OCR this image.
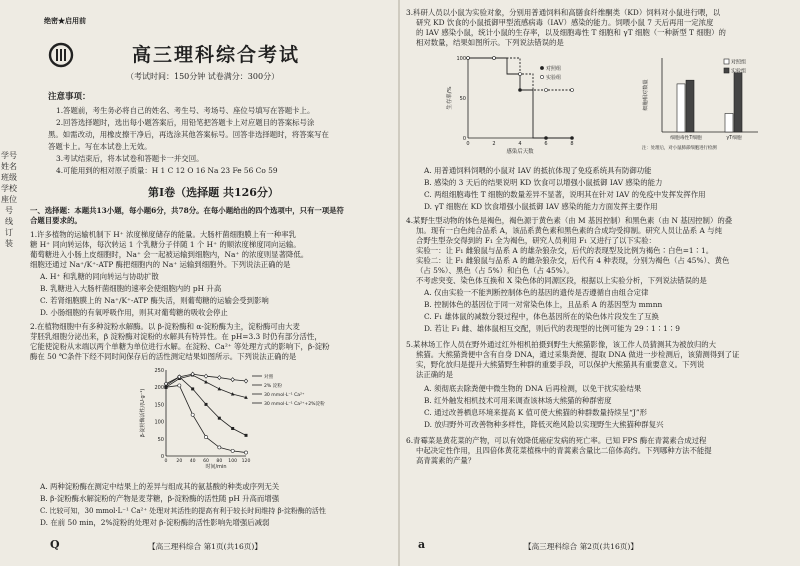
学号
姓名
班级
学校
座位号
线
订
装
绝密★启用前
高三理科综合考试
（考试时间：150分钟 试卷满分：300分）
注意事项：
1.答题前，考生务必将自己的姓名、考生号、考场号、座位号填写在答题卡上。
2.回答选择题时，选出每小题答案后，用铅笔把答题卡上对应题目的答案标号涂
黑。如需改动，用橡皮擦干净后，再选涂其他答案标号。回答非选择题时，将答案写在
答题卡上。写在本试卷上无效。
3.考试结束后，将本试卷和答题卡一并交回。
4.可能用到的相对原子质量：H 1 C 12 O 16 Na 23 Fe 56 Co 59
第Ⅰ卷（选择题 共126分）
一、选择题：本题共13小题，每小题6分，共78分。在每小题给出的四个选项中，只有一项是符
合题目要求的。
1.许多植物的运输机制下 H⁺ 浓度梯度储存的能量。大肠杆菌细胞膜上有一种率乳
糖 H⁺ 同向转运体，每次转运 1 个乳糖分子伴随 1 个 H⁺ 的顺浓度梯度同向运输。
葡萄糖进入小肠上皮细胞时，Na⁺ 会一起被运输到细胞内，Na⁺ 的浓度则显著降低。
细胞还通过 Na⁺/K⁺-ATP 酶把细胞内的 Na⁺ 运输到细胞外。下列说法正确的是
A. H⁺ 和乳糖的同向转运与协助扩散
B. 乳糖进入大肠杆菌细胞的速率会使细胞内的 pH 升高
C. 若肾细胞膜上的 Na⁺/K⁺-ATP 酶失活，则葡萄糖的运输会受到影响
D. 小肠细胞的有氧呼吸作用，则其对葡萄糖的吸收会停止
2.在植物细胞中有多种淀粉水解酶。以 β-淀粉酶和 α-淀粉酶为主，淀粉酶可由大麦
芽胚乳细胞分泌出来，β 淀粉酶对淀粉的水解具有特异性。在 pH=3.3 时仍有部分活性，
它能使淀粉从末端以两个单糖为单位进行水解。在淀粉、Ca²⁺ 等处理方式的影响下，β-淀粉
酶在 50 ℃条件下经不同时间保存后的活性测定结果如图所示。下列说法正确的是
0
50
100
150
200
250
0 20 40 60 80 100 120
时间/min
β-淀粉酶活性/(U·g⁻¹)
对照
2% 淀粉
30 mmol·L⁻¹ Ca²⁺
30 mmol·L⁻¹ Ca²⁺+2%淀粉
A. 两种淀粉酶在测定中结果上的差异与组成其的氨基酸的种类或序列无关
B. β-淀粉酶水解淀粉的产物是麦芽糖，β-淀粉酶的活性随 pH 升高而增强
C. 比较可知，30 mmol·L⁻¹ Ca²⁺ 处理对其活性的提高有利于较长时间维持 β-淀粉酶的活性
D. 在前 50 min，2%淀粉的处理对 β-淀粉酶的活性影响先增强后减弱
Q	【高三理科综合 第1页(共16页)】
3.科研人员以小鼠为实验对象，分别用普通饲料和高膳食纤维酮类（KD）饲料对小鼠进行喂，以
研究 KD 饮食的小鼠抵御甲型流感病毒（IAV）感染的能力。饲喂小鼠 7 天后再用一定浓度
的 IAV 感染小鼠，统计小鼠的生存率，以及细胞毒性 T 细胞和 γT 细胞（一种新型 T 细胞）的
相对数量，结果如图所示。下列说法错误的是
0
50
100
0	2	4	6	8
感染后天数
生存率/%
对照组
实验组
细胞相对数量
细胞毒性T细胞	γT细胞
对照组
实验组
注：处理后，对小鼠肺部细胞进行检测
A. 用普通饲料饲喂的小鼠对 IAV 的抵抗体现了免疫系统具有防御功能
B. 感染的 3 天后的结果说明 KD 饮食可以增强小鼠抵御 IAV 感染的能力
C. 两组细胞毒性 T 细胞的数量差异不显著，说明其在针对 IAV 的免疫中发挥发挥作用
D. γT 细胞在 KD 饮食增强小鼠抵御 IAV 感染的能力方面发挥主要作用
4.某野生型动物的体色是褐色，褐色源于黄色素（由 M 基因控制）和黑色素（由 N 基因控制）的叠
加。现有一白色纯合品系 A，该品系黄色素和黑色素的合成均受抑制。研究人员让品系 A 与纯
合野生型杂交得到的 F₁ 全为褐色，研究人员利用 F₁ 又进行了以下实验：
实验一：让 F₁ 雌狼鼠与品系 A 的雄杂狼杂交，后代的表现型及比例为褐色∶白色=1∶1。
实验二：让 F₁ 雌狼鼠与品系 A 的雌杂狼杂交，后代有 4 种表现，分别为褐色（占 45%）、黄色
（占 5%）、黑色（占 5%）和白色（占 45%）。
不考虑突变、染色体互换和 X 染色体的同源区段，根据以上实验分析，下列说法错误的是
A. 仅由实验一不能判断控制体色的基因的遗传是否遵循自由组合定律
B. 控制体色的基因位于同一对常染色体上，且品系 A 的基因型为 mmnn
C. F₁ 雄体鼠的减数分裂过程中，体色基因所在的染色体片段发生了互换
D. 若让 F₁ 雌、雄体鼠相互交配，则后代的表现型的比例可能为 29∶1∶1∶9
5.某林场工作人员在野外通过红外相机拍摄到野生大熊猫影像，该工作人员猜测其为被放归的大
熊猫。大熊猫粪便中含有自身 DNA，通过采集粪便、提取 DNA 做进一步检测后，该猜测得到了证
实，野化放归是提升大熊猫野生种群的重要手段，可以保护大熊猫具有重要意义。下列说
法正确的是
A. 须彻底去除粪便中微生物的 DNA 后再检测，以免干扰实验结果
B. 红外触发相机技术可用来调查该林场大熊猫的种群密度
C. 通过改善栖息环境来提高 K 值可使大熊猫的种群数量持续呈“J”形
D. 放归野外可改善物种多样性，降低灭绝风险以实现野生大熊猫种群复兴
6.青霉菜是黄花菜的产物，可以有效降低癌症发病的死亡率。已知 FPS 酶在青蒿素合成过程
中起决定性作用，且四倍体黄花菜植株中的青蒿素含量比二倍体高约。下列哪种方法不能提
高青蒿素的产量？
a	【高三理科综合 第2页(共16页)】
